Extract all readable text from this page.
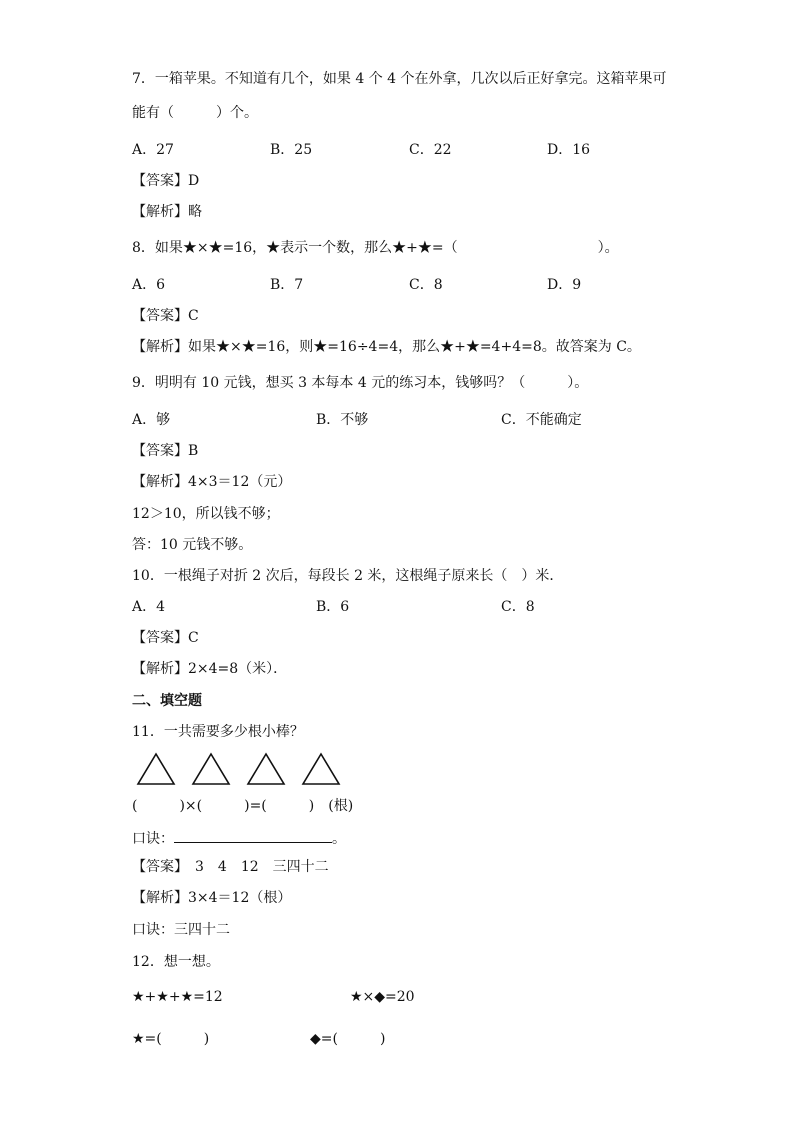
7．一箱苹果。不知道有几个，如果 4 个 4 个在外拿，几次以后正好拿完。这箱苹果可
能有（　　　）个。
A．27	B．25	C．22	D．16
【答案】D
【解析】略
8．如果★×★=16，★表示一个数，那么★+★=（　　　　　　　　　　）。
A．6	B．7	C．8	D．9
【答案】C
【解析】如果★×★=16，则★=16÷4=4，那么★+★=4+4=8。故答案为 C。
9．明明有 10 元钱，想买 3 本每本 4 元的练习本，钱够吗？（　　　）。
A．够	B．不够	C．不能确定
【答案】B
【解析】4×3＝12（元）
12＞10，所以钱不够；
答：10 元钱不够。
10．一根绳子对折 2 次后，每段长 2 米，这根绳子原来长（　）米．
A．4	B．6	C．8
【答案】C
【解析】2×4=8（米）．
二、填空题
11．一共需要多少根小棒？
(　　　)×(　　　)=(　　　)　(根)
口诀：	。
【答案】　3　4　12　三四十二
【解析】3×4＝12（根）
口诀：三四十二
12．想一想。
★+★+★=12	★×◆=20
★=(　　　)	◆=(　　　)
